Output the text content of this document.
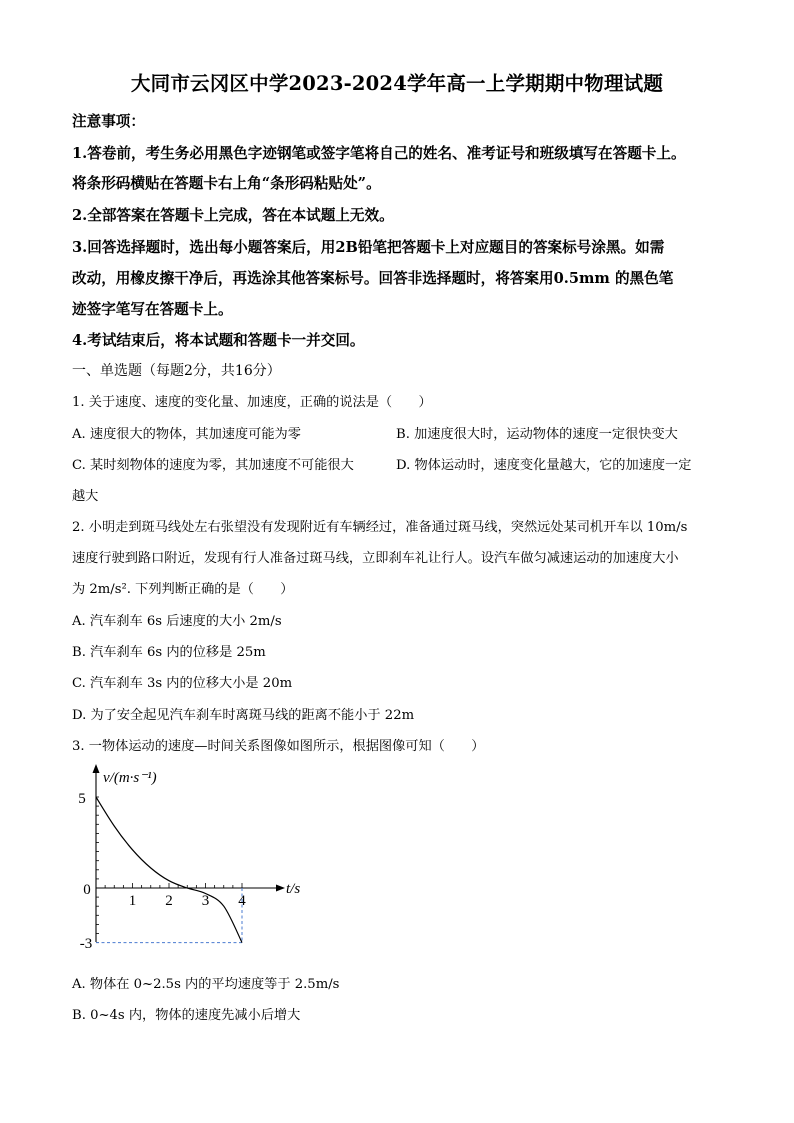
大同市云冈区中学2023-2024学年高一上学期期中物理试题
注意事项：
1.答卷前，考生务必用黑色字迹钢笔或签字笔将自己的姓名、准考证号和班级填写在答题卡上。
将条形码横贴在答题卡右上角“条形码粘贴处”。
2.全部答案在答题卡上完成，答在本试题上无效。
3.回答选择题时，选出每小题答案后，用2B铅笔把答题卡上对应题目的答案标号涂黑。如需
改动，用橡皮擦干净后，再选涂其他答案标号。回答非选择题时，将答案用0.5mm 的黑色笔
迹签字笔写在答题卡上。
4.考试结束后，将本试题和答题卡一并交回。
一、单选题（每题2分，共16分）
1. 关于速度、速度的变化量、加速度，正确的说法是（　　）
A. 速度很大的物体，其加速度可能为零	B. 加速度很大时，运动物体的速度一定很快变大
C. 某时刻物体的速度为零，其加速度不可能很大	D. 物体运动时，速度变化量越大，它的加速度一定
越大
2. 小明走到斑马线处左右张望没有发现附近有车辆经过，准备通过斑马线，突然远处某司机开车以 10m/s
速度行驶到路口附近，发现有行人准备过斑马线，立即刹车礼让行人。设汽车做匀减速运动的加速度大小
为 2m/s². 下列判断正确的是（　　）
A. 汽车刹车 6s 后速度的大小 2m/s
B. 汽车刹车 6s 内的位移是 25m
C. 汽车刹车 3s 内的位移大小是 20m
D. 为了安全起见汽车刹车时离斑马线的距离不能小于 22m
3. 一物体运动的速度—时间关系图像如图所示，根据图像可知（　　）
v/(m·s⁻¹)
t/s
5
0
-3
1 2 3 4
A. 物体在 0~2.5s 内的平均速度等于 2.5m/s
B. 0~4s 内，物体的速度先减小后增大
